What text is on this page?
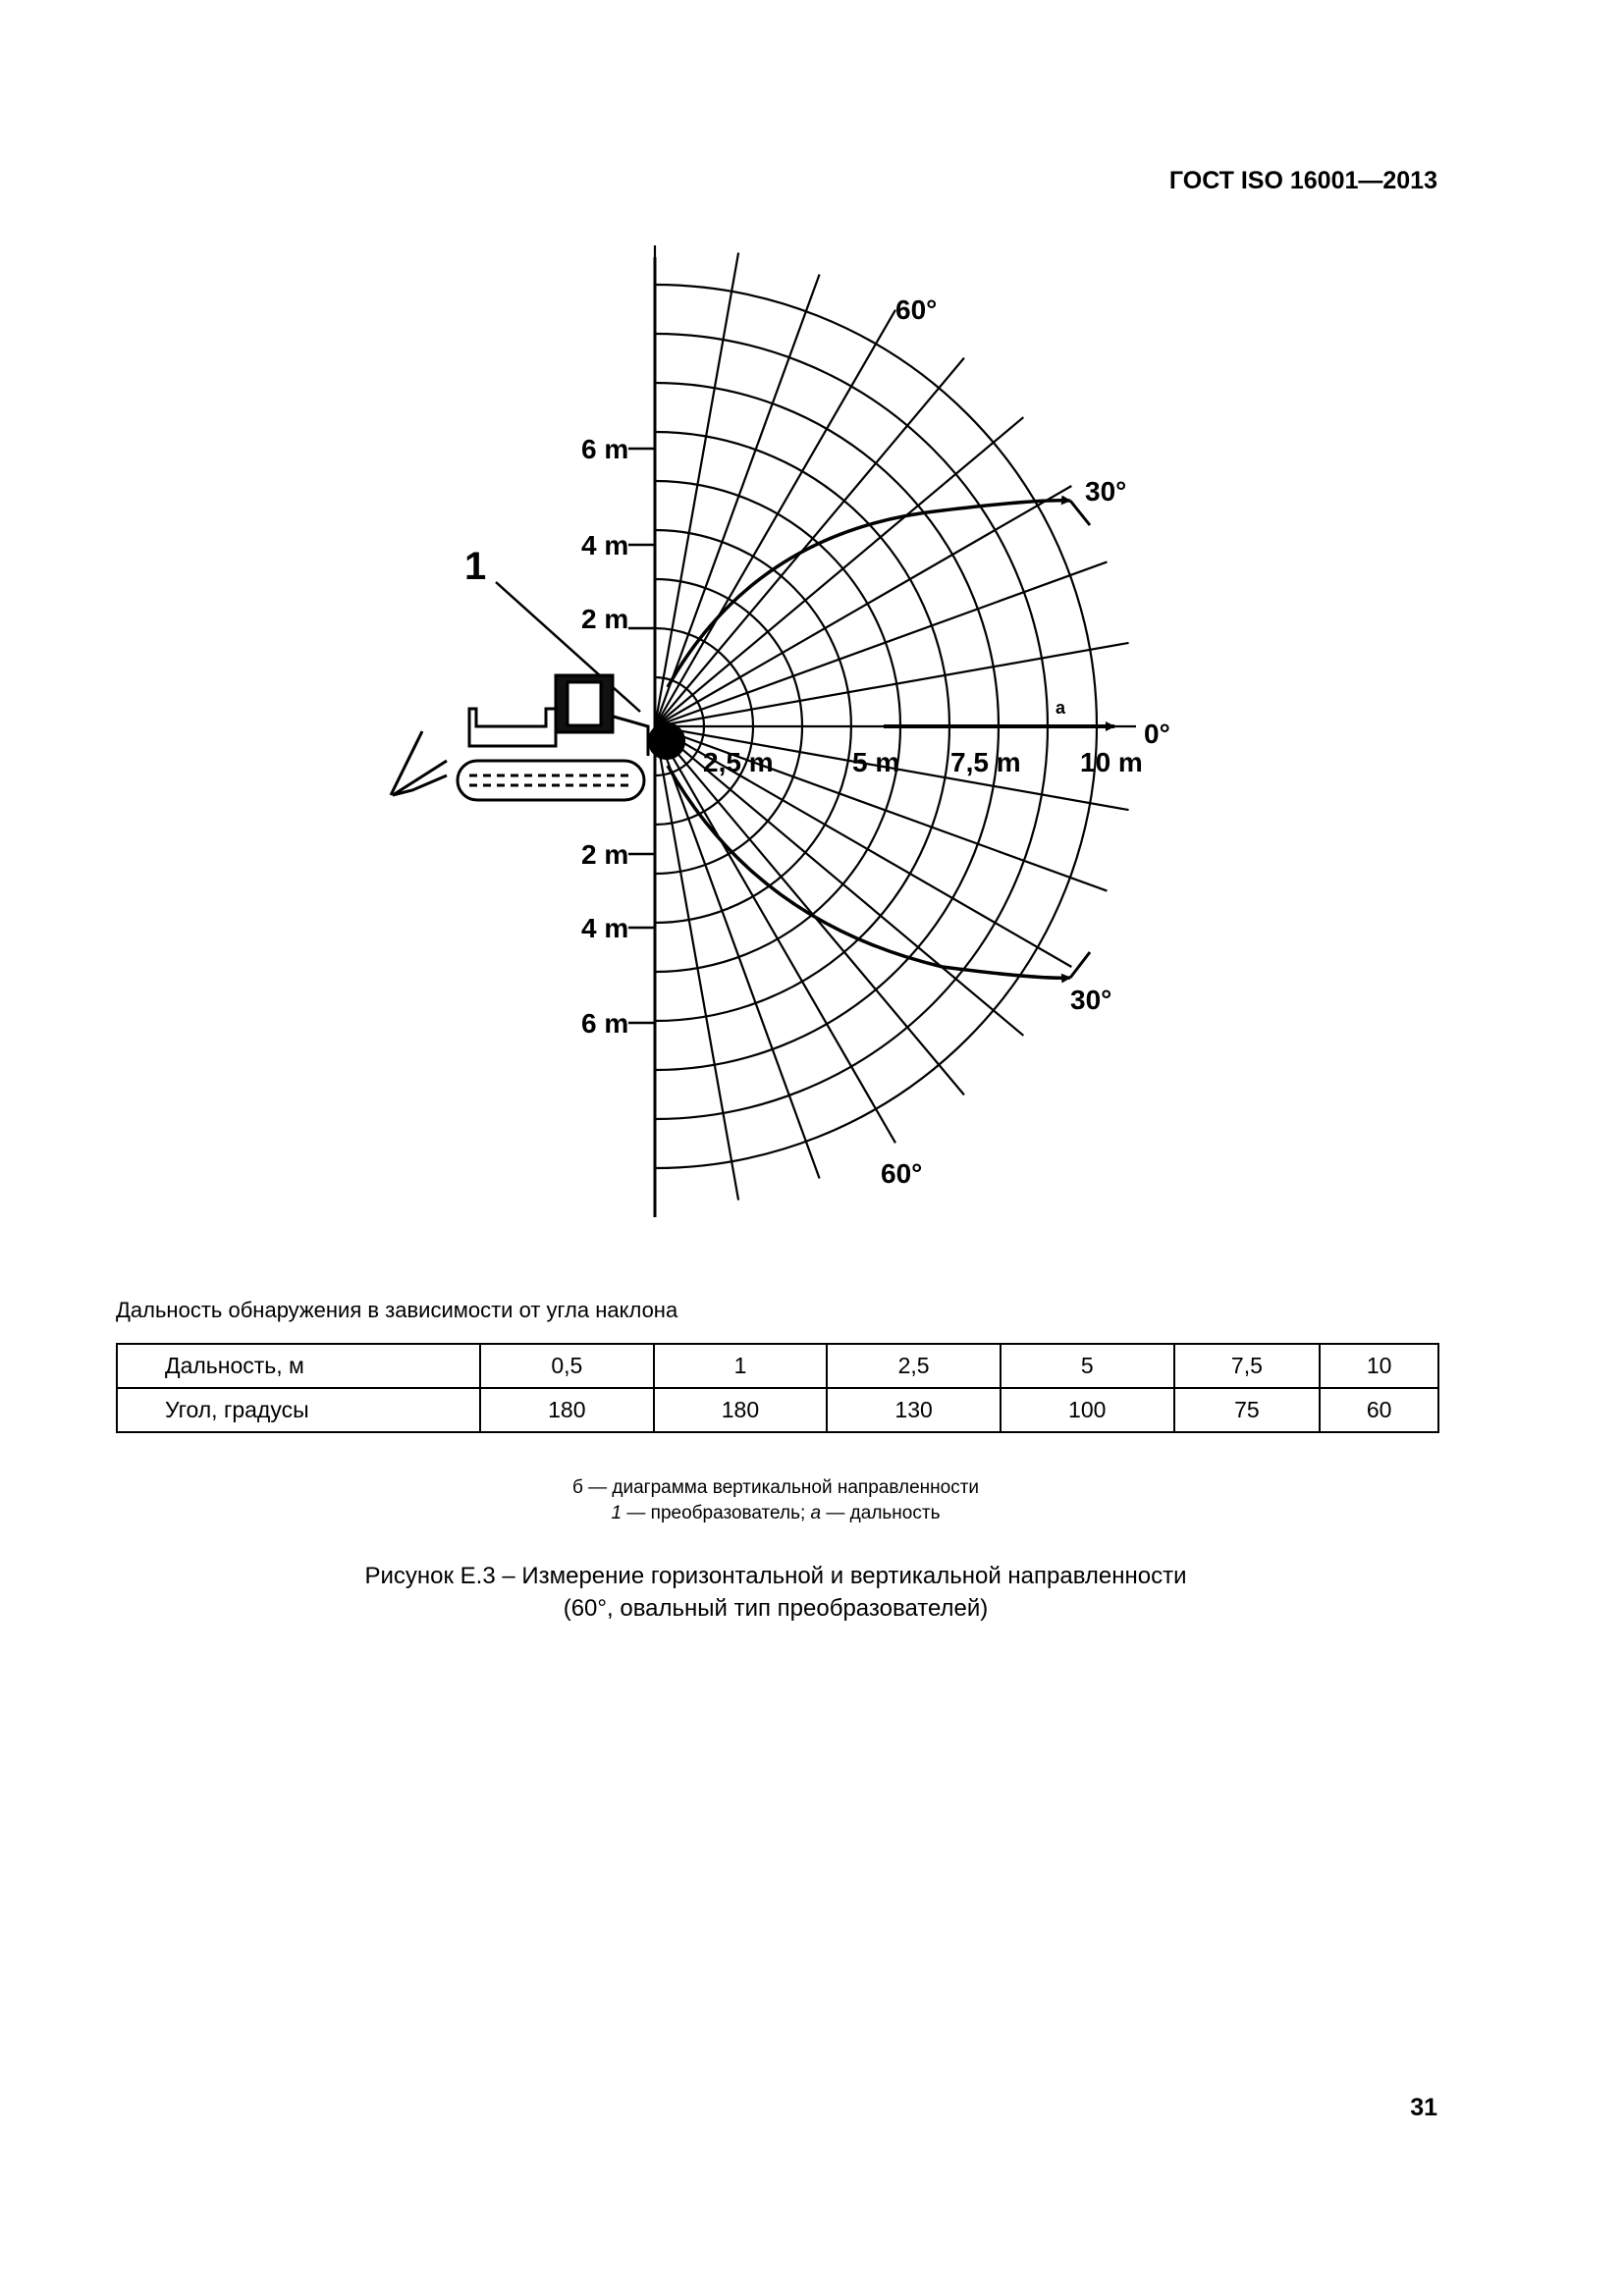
ГОСТ ISO 16001—2013
1
6 m
4 m
2 m
2 m
4 m
6 m
2,5 m	5 m 7,5 m 10 m
60°
30°
0°
30°
60°
a
Дальность обнаружения в зависимости от угла наклона
Дальность, м	0,5	1	2,5	5	7,5	10
Угол, градусы	180	180	130	100	75	60
б — диаграмма вертикальной направленности
1 — преобразователь; a — дальность
Рисунок Е.3 – Измерение горизонтальной и вертикальной направленности
(60°, овальный тип преобразователей)
31
